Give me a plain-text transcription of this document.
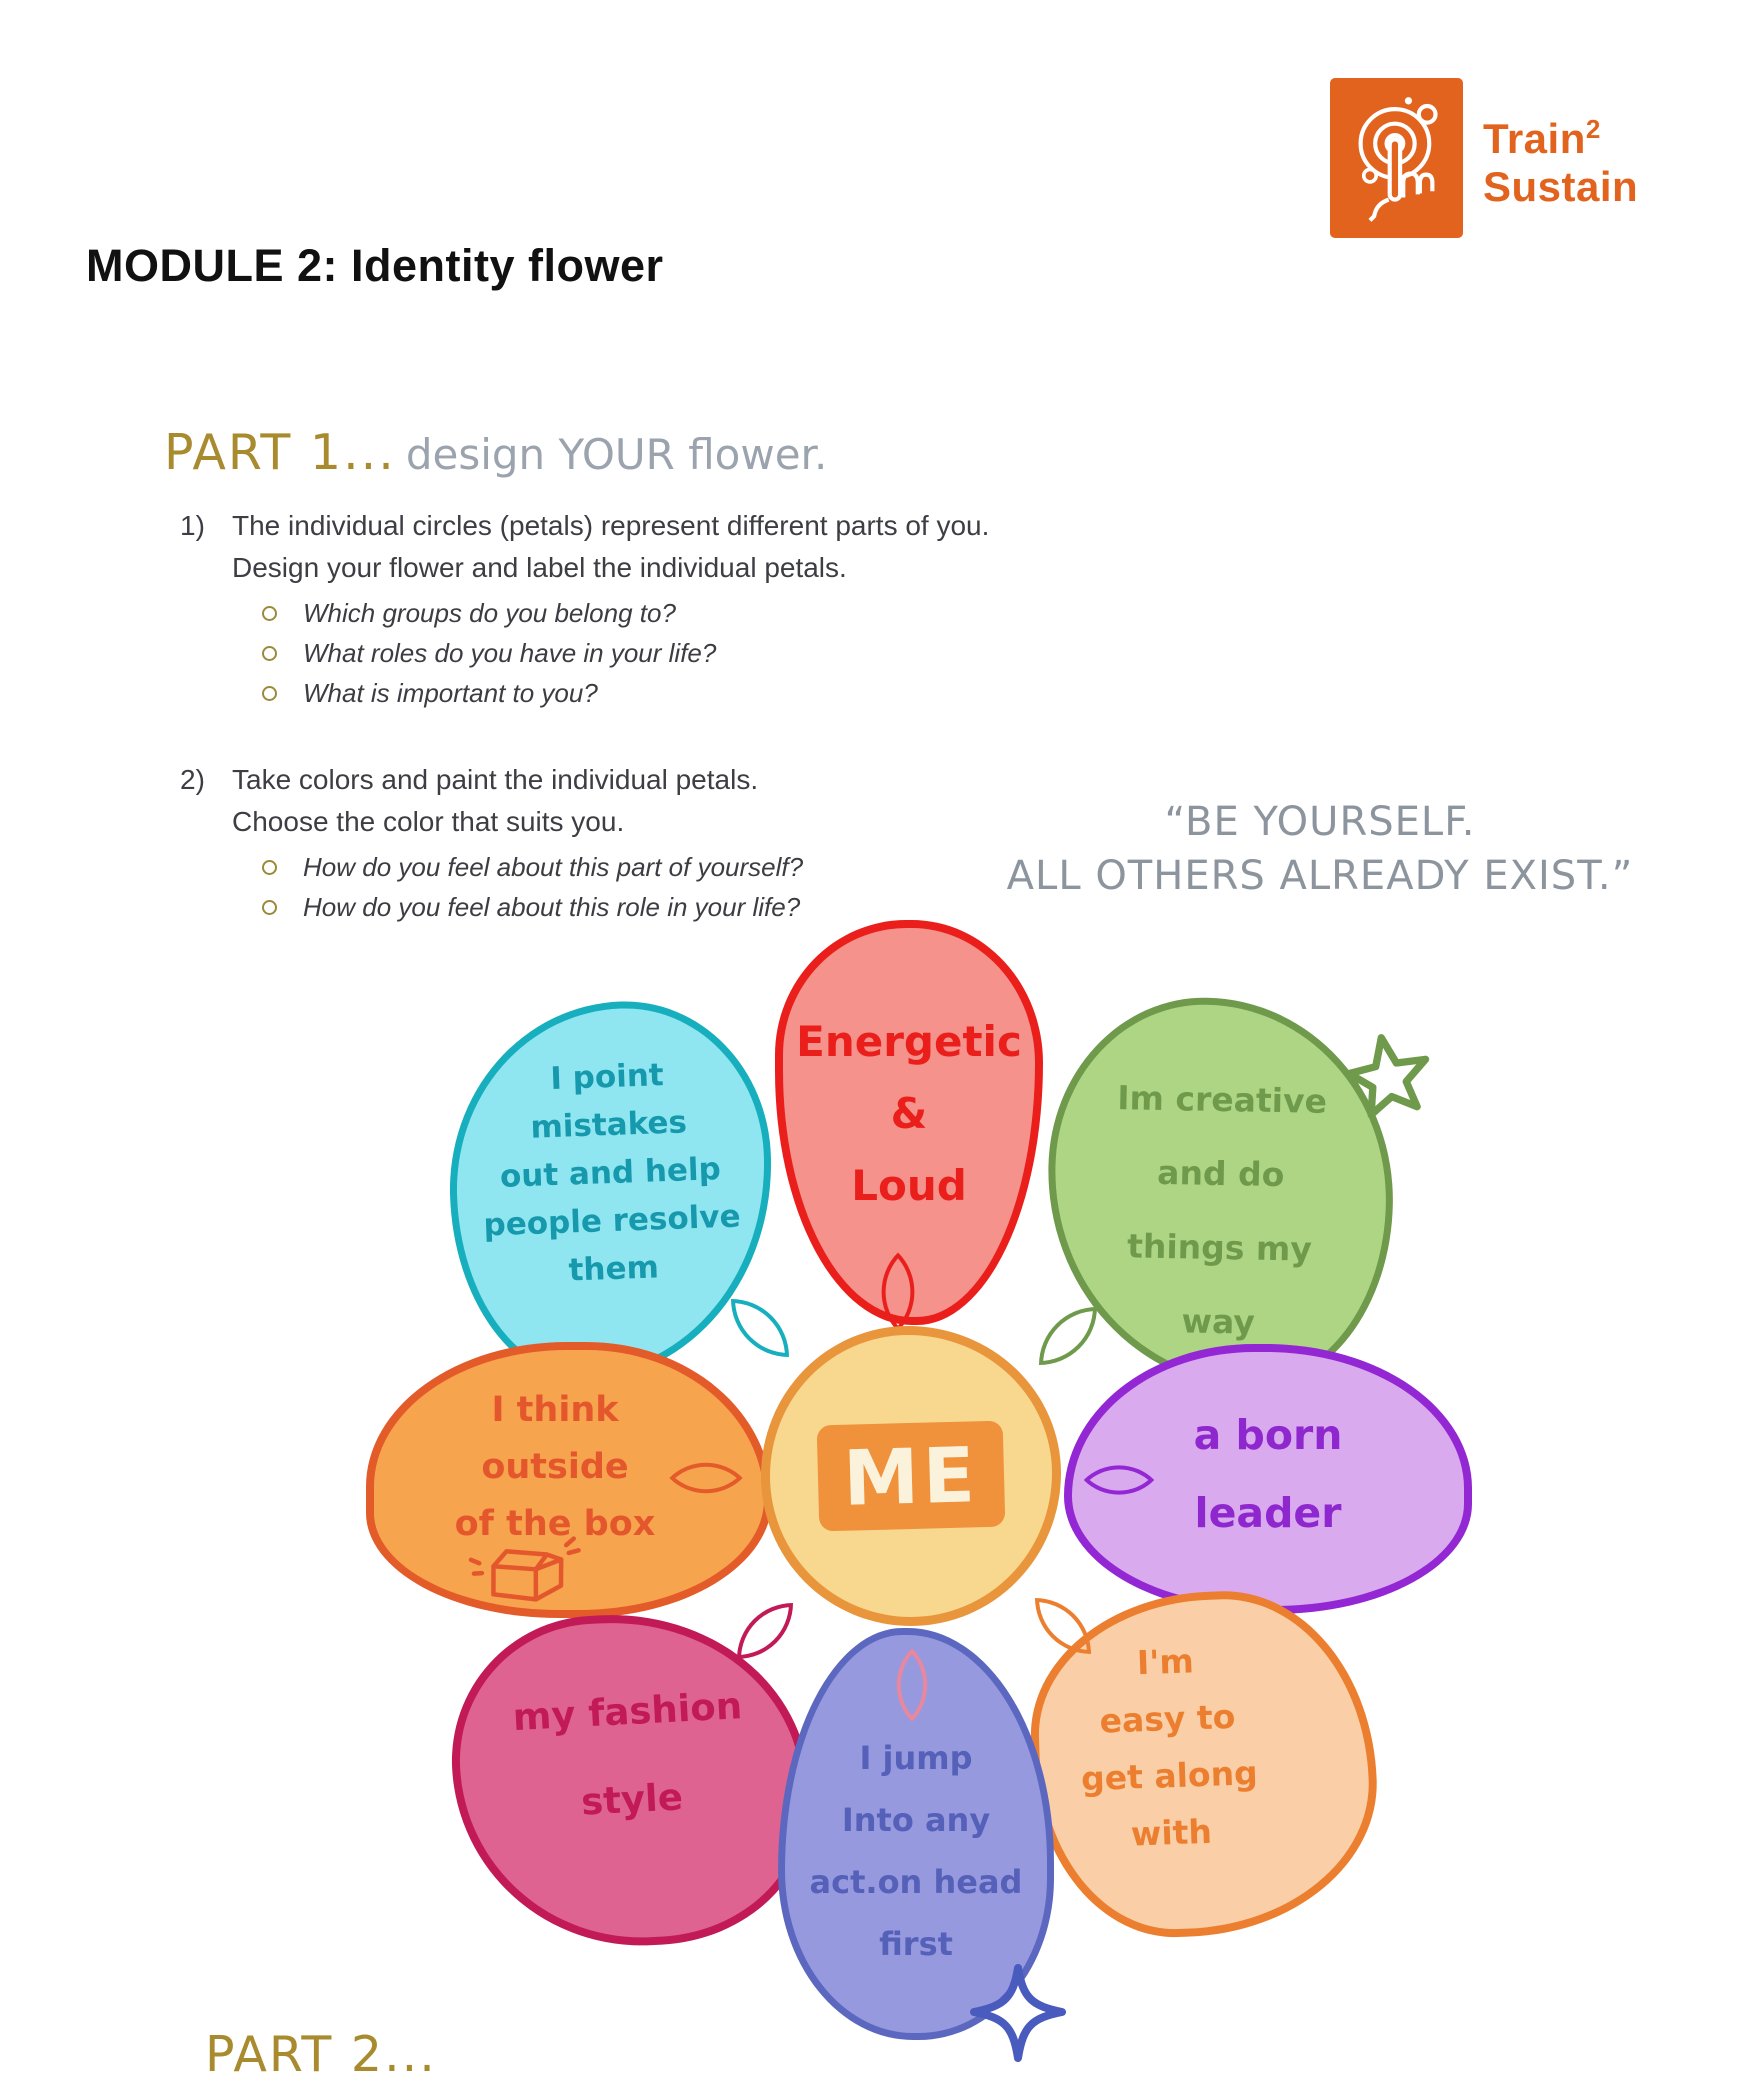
Train$^2$
Sustain
MODULE 2: Identity flower
PART 1... design YOUR flower.
1) The individual circles (petals) represent different parts of you.
Design your flower and label the individual petals.
Which groups do you belong to?
What roles do you have in your life?
What is important to you?
2) Take colors and paint the individual petals.
Choose the color that suits you.
How do you feel about this part of yourself?
How do you feel about this role in your life?
“BE YOURSELF.
ALL OTHERS ALREADY EXIST.”
I point
mistakes
out and help
people resolve
them
Im creative
and do
things my
way
Energetic
&
Loud
I think
outside
of the box
a born
leader
my fashion
style
I'm
easy to
get along
with
I jump
Into any
act.on head
first
ME
PART 2...
